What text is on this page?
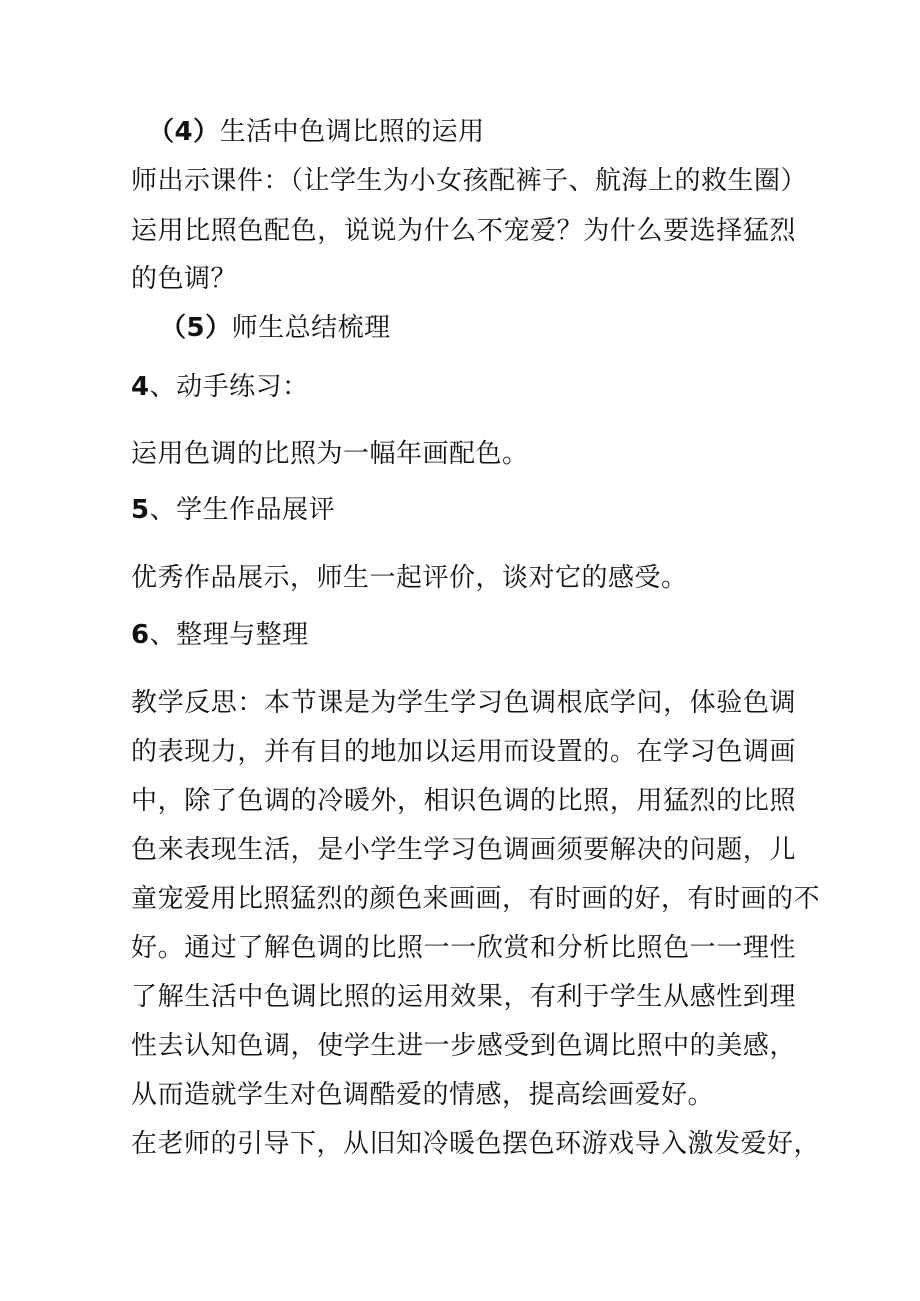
（4）生活中色调比照的运用
师出示课件：（让学生为小女孩配裤子、航海上的救生圈）
运用比照色配色，说说为什么不宠爱？为什么要选择猛烈
的色调？
（5）师生总结梳理
4、动手练习：
运用色调的比照为一幅年画配色。
5、学生作品展评
优秀作品展示，师生一起评价，谈对它的感受。
6、整理与整理
教学反思：本节课是为学生学习色调根底学问，体验色调
的表现力，并有目的地加以运用而设置的。在学习色调画
中，除了色调的冷暖外，相识色调的比照，用猛烈的比照
色来表现生活，是小学生学习色调画须要解决的问题，儿
童宠爱用比照猛烈的颜色来画画，有时画的好，有时画的不
好。通过了解色调的比照一一欣赏和分析比照色一一理性
了解生活中色调比照的运用效果，有利于学生从感性到理
性去认知色调，使学生进一步感受到色调比照中的美感，
从而造就学生对色调酷爱的情感，提高绘画爱好。
在老师的引导下，从旧知冷暖色摆色环游戏导入激发爱好，
